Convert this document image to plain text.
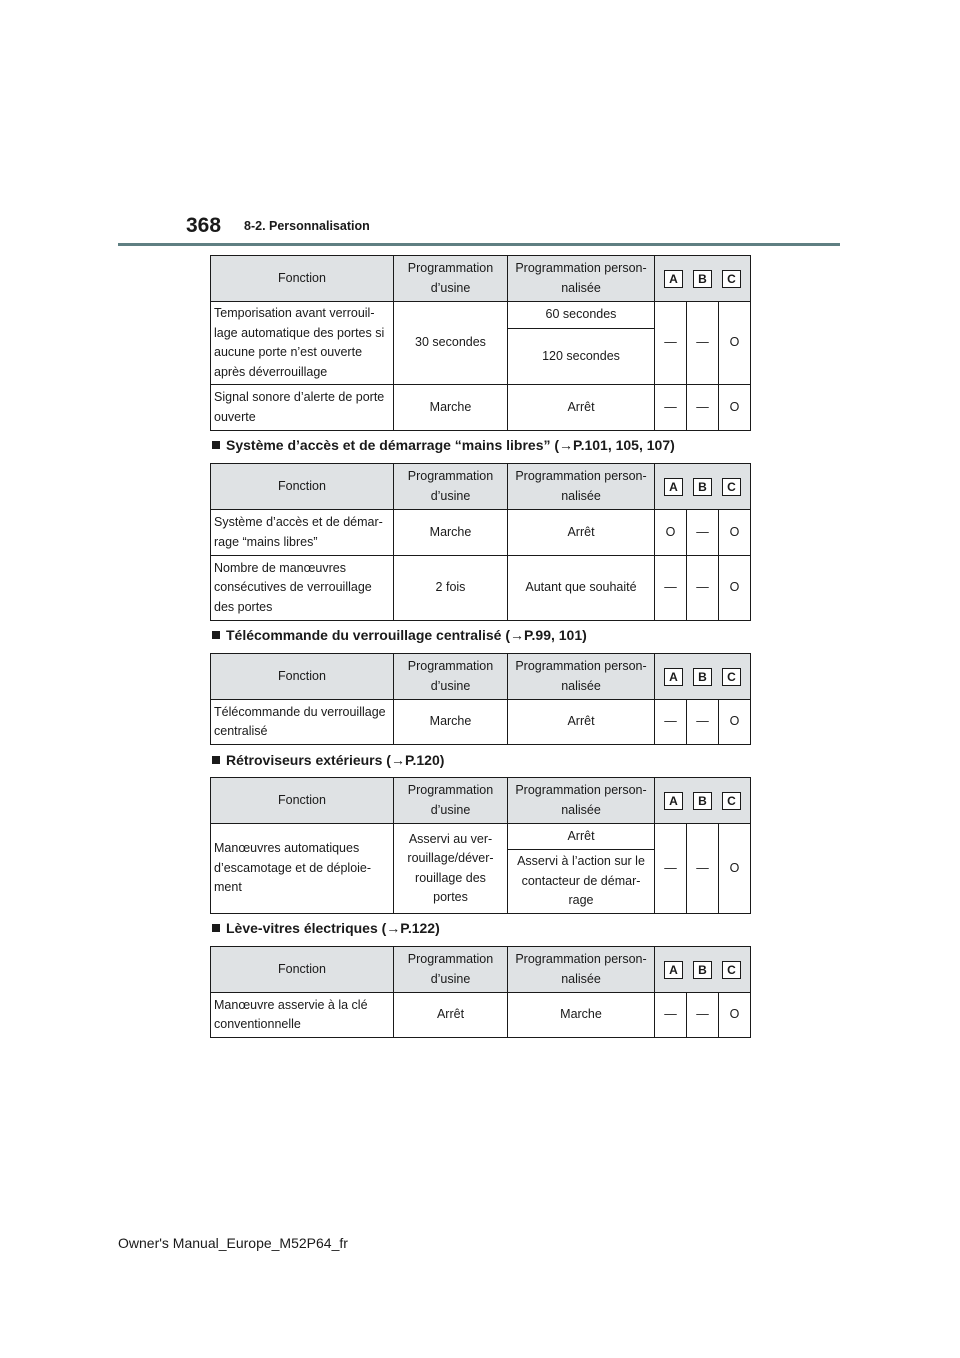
368 8-2. Personnalisation
Fonction	Programmation d’usine	Programmation person-nalisée	A B C		

Temporisation avant verrouil-lage automatique des portes si aucune porte n’est ouverte après déverrouillage	30 secondes	60 secondes	—	—	O
		120 secondes			
Signal sonore d’alerte de porte ouverte	Marche	Arrêt	—	—	O
Système d’accès et de démarrage “mains libres” (→P.101, 105, 107)
Fonction	Programmation d’usine	Programmation person-nalisée	A B C		

Système d’accès et de démar-rage “mains libres”	Marche	Arrêt	O	—	O
Nombre de manœuvres consécutives de verrouillage des portes	2 fois	Autant que souhaité	—	—	O
Télécommande du verrouillage centralisé (→P.99, 101)
Fonction	Programmation d’usine	Programmation person-nalisée	A B C		

Télécommande du verrouillage centralisé	Marche	Arrêt	—	—	O
Rétroviseurs extérieurs (→P.120)
Fonction	Programmation d’usine	Programmation person-nalisée	A B C		

Manœuvres automatiques d’escamotage et de déploie-ment	Asservi au ver-rouillage/déver-rouillage des portes	Arrêt	—	—	O
		Asservi à l’action sur le contacteur de démar-rage			
Lève-vitres électriques (→P.122)
Fonction	Programmation d’usine	Programmation person-nalisée	A B C		

Manœuvre asservie à la clé conventionnelle	Arrêt	Marche	—	—	O
Owner's Manual_Europe_M52P64_fr
